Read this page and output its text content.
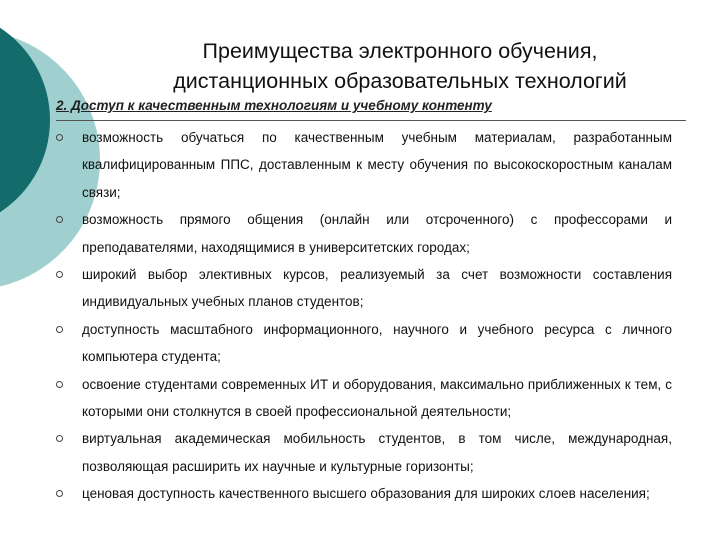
Преимущества электронного обучения,
дистанционных образовательных технологий
2. Доступ к качественным технологиям и учебному контенту
возможность обучаться по качественным учебным материалам, разработанным квалифицированным ППС, доставленным к месту обучения по высокоскоростным каналам связи;
возможность прямого общения (онлайн или отсроченного) с профессорами и преподавателями, находящимися в университетских городах;
широкий выбор элективных курсов, реализуемый за счет возможности составления индивидуальных учебных планов студентов;
доступность масштабного информационного, научного и учебного ресурса с личного компьютера студента;
освоение студентами современных ИТ и оборудования, максимально приближенных к тем, с которыми они столкнутся в своей профессиональной деятельности;
виртуальная академическая мобильность студентов, в том числе, международная, позволяющая расширить их научные и культурные горизонты;
ценовая доступность качественного высшего образования для широких слоев населения;
